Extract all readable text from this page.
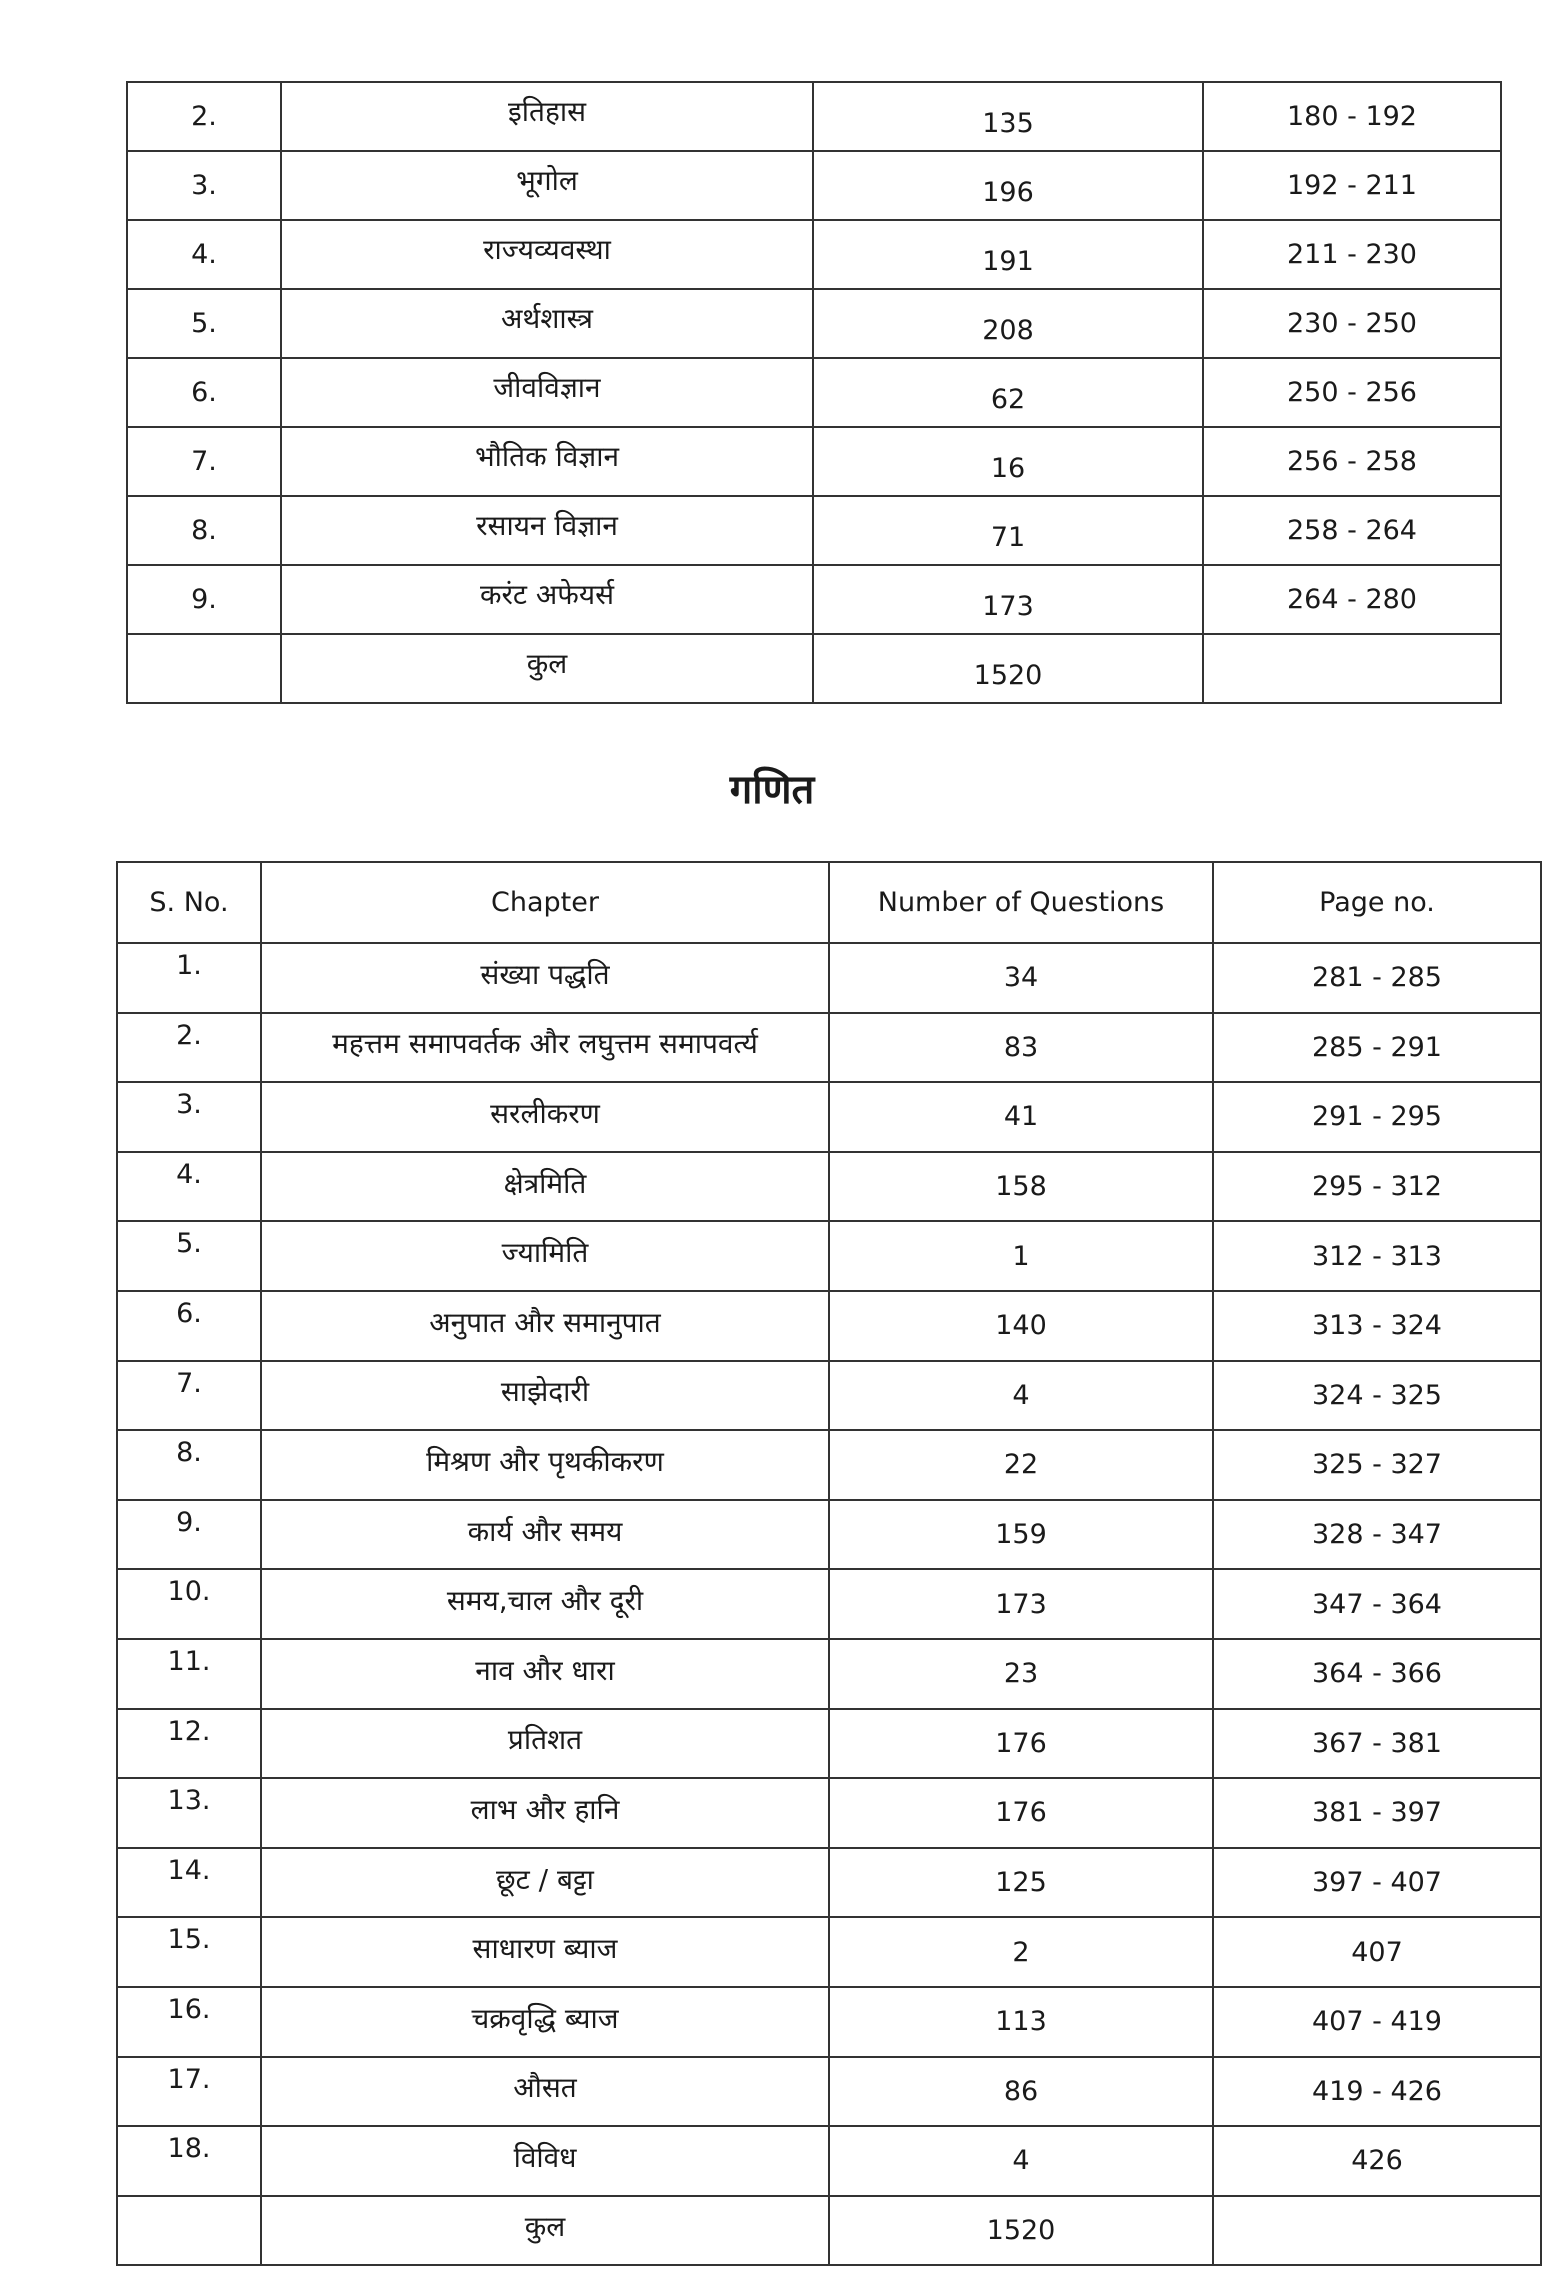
2.	इतिहास	135	180 - 192
3.	भूगोल	196	192 - 211
4.	राज्यव्यवस्था	191	211 - 230
5.	अर्थशास्त्र	208	230 - 250
6.	जीवविज्ञान	62	250 - 256
7.	भौतिक विज्ञान	16	256 - 258
8.	रसायन विज्ञान	71	258 - 264
9.	करंट अफेयर्स	173	264 - 280
	कुल	1520	
गणित
S. No.	Chapter	Number of Questions	Page no.
1.	संख्या पद्धति	34	281 - 285
2.	महत्तम समापवर्तक और लघुत्तम समापवर्त्य	83	285 - 291
3.	सरलीकरण	41	291 - 295
4.	क्षेत्रमिति	158	295 - 312
5.	ज्यामिति	1	312 - 313
6.	अनुपात और समानुपात	140	313 - 324
7.	साझेदारी	4	324 - 325
8.	मिश्रण और पृथकीकरण	22	325 - 327
9.	कार्य और समय	159	328 - 347
10.	समय,चाल और दूरी	173	347 - 364
11.	नाव और धारा	23	364 - 366
12.	प्रतिशत	176	367 - 381
13.	लाभ और हानि	176	381 - 397
14.	छूट / बट्टा	125	397 - 407
15.	साधारण ब्याज	2	407
16.	चक्रवृद्धि ब्याज	113	407 - 419
17.	औसत	86	419 - 426
18.	विविध	4	426
	कुल	1520	
